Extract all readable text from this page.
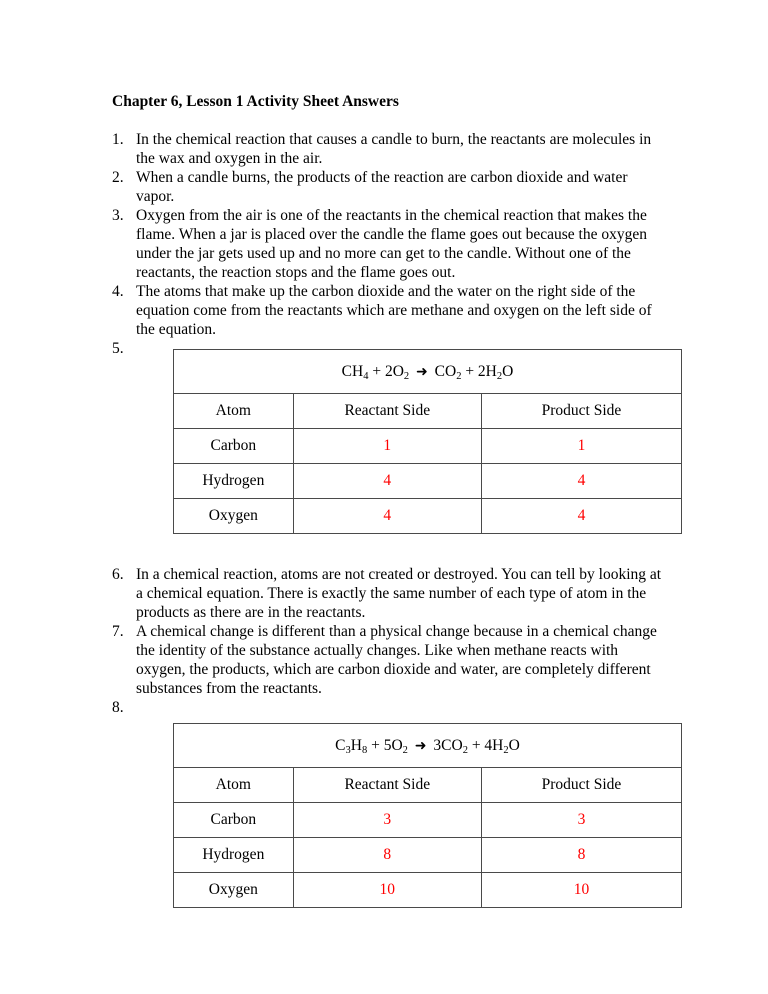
Chapter 6, Lesson 1 Activity Sheet Answers
1. In the chemical reaction that causes a candle to burn, the reactants are molecules in the wax and oxygen in the air.
2. When a candle burns, the products of the reaction are carbon dioxide and water vapor.
3. Oxygen from the air is one of the reactants in the chemical reaction that makes the flame. When a jar is placed over the candle the flame goes out because the oxygen under the jar gets used up and no more can get to the candle. Without one of the reactants, the reaction stops and the flame goes out.
4. The atoms that make up the carbon dioxide and the water on the right side of the equation come from the reactants which are methane and oxygen on the left side of the equation.
5.
$CH_4 + 2O_2$ ➜ $CO_2 + 2H_2O$		
Atom	Reactant Side	Product Side
Carbon	1	1
Hydrogen	4	4
Oxygen	4	4
6. In a chemical reaction, atoms are not created or destroyed. You can tell by looking at a chemical equation. There is exactly the same number of each type of atom in the products as there are in the reactants.
7. A chemical change is different than a physical change because in a chemical change the identity of the substance actually changes. Like when methane reacts with oxygen, the products, which are carbon dioxide and water, are completely different substances from the reactants.
8.
$C_3H_8 + 5O_2$ ➜ $3CO_2 + 4H_2O$		
Atom	Reactant Side	Product Side
Carbon	3	3
Hydrogen	8	8
Oxygen	10	10
